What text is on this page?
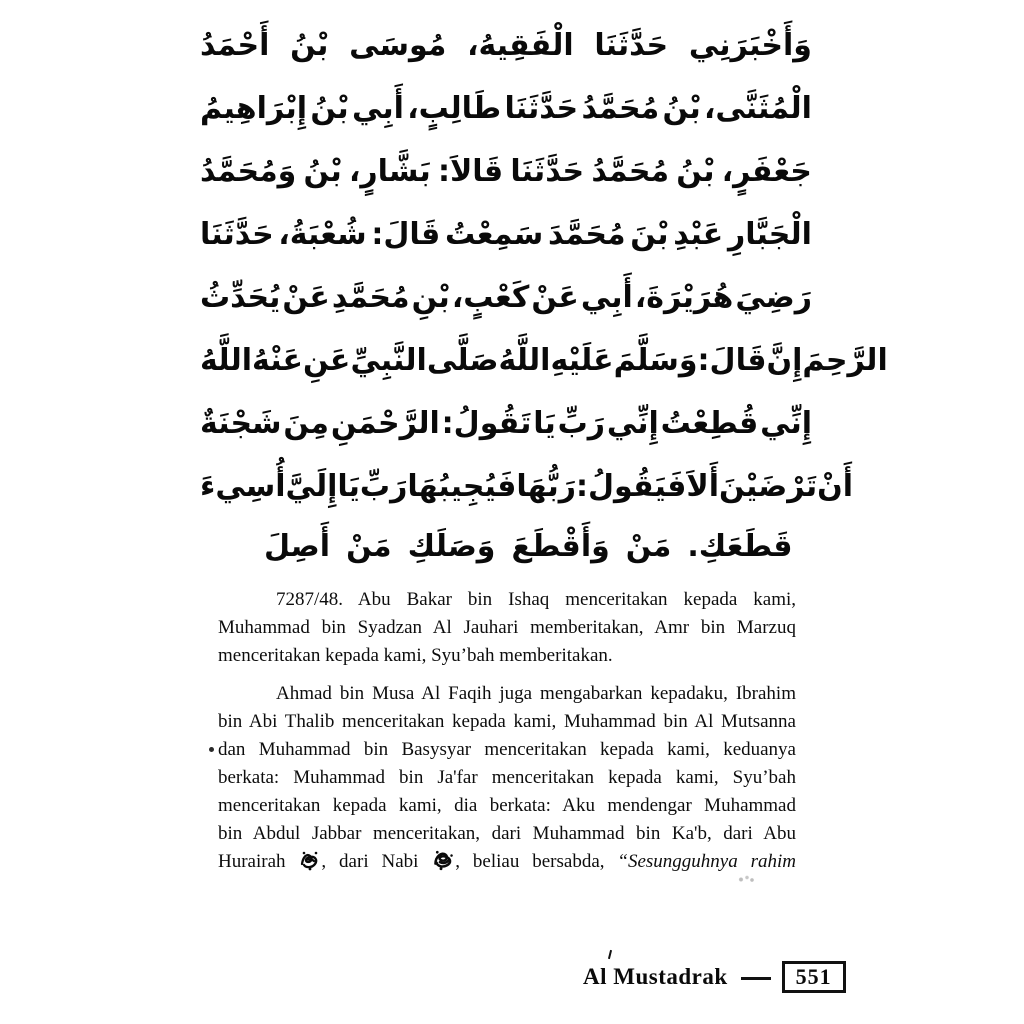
أَحْمَدُ بْنُ مُوسَى الْفَقِيهُ، حَدَّثَنَا وَأَخْبَرَنِي
إِبْرَاهِيمُ بْنُ أَبِي طَالِبٍ، حَدَّثَنَا مُحَمَّدُ بْنُ الْمُثَنَّى،
وَمُحَمَّدُ بْنُ بَشَّارٍ، قَالاَ: حَدَّثَنَا مُحَمَّدُ بْنُ جَعْفَرٍ،
حَدَّثَنَا شُعْبَةُ، قَالَ: سَمِعْتُ مُحَمَّدَ بْنَ عَبْدِ الْجَبَّارِ
يُحَدِّثُ عَنْ مُحَمَّدِ بْنِ كَعْبٍ، عَنْ أَبِي هُرَيْرَةَ، رَضِيَ
اللَّهُ عَنْهُ عَنِ النَّبِيِّ صَلَّى اللَّهُ عَلَيْهِ وَسَلَّمَ قَالَ: إِنَّ الرَّحِمَ
شَجْنَةٌ مِنَ الرَّحْمَنِ تَقُولُ: يَا رَبِّ إِنِّي قُطِعْتُ إِنِّي
أُسِيءَ إِلَيَّ يَا رَبِّ فَيُجِيبُهَا رَبُّهَا فَيَقُولُ: أَلاَ تَرْضَيْنَ أَنْ
أَصِلَ مَنْ وَصَلَكِ وَأَقْطَعَ مَنْ قَطَعَكِ.
7287/48. Abu Bakar bin Ishaq menceritakan kepada kami,
Muhammad bin Syadzan Al Jauhari memberitakan, Amr bin Marzuq
menceritakan kepada kami, Syu’bah memberitakan.
Ahmad bin Musa Al Faqih juga mengabarkan kepadaku, Ibrahim
bin Abi Thalib menceritakan kepada kami, Muhammad bin Al Mutsanna
dan Muhammad bin Basysyar menceritakan kepada kami, keduanya
berkata: Muhammad bin Ja'far menceritakan kepada kami, Syu’bah
menceritakan kepada kami, dia berkata: Aku mendengar Muhammad
bin Abdul Jabbar menceritakan, dari Muhammad bin Ka'b, dari Abu
Hurairah , dari Nabi , beliau bersabda, “Sesungguhnya rahim
Al Mustadrak	551
